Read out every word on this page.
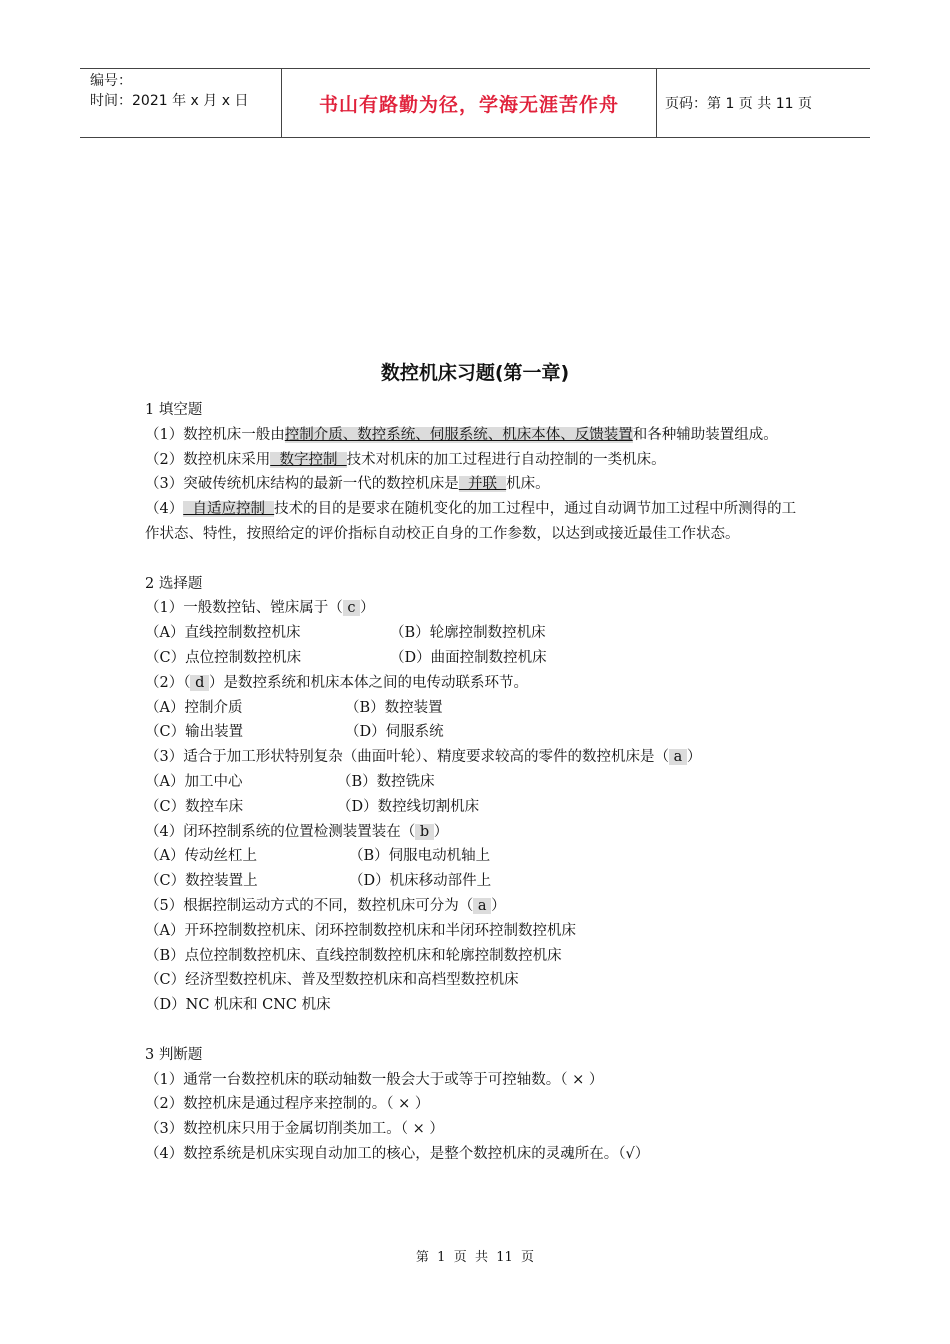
编号：
时间：2021 年 x 月 x 日	书山有路勤为径，学海无涯苦作舟	页码：第 1 页 共 11 页
数控机床习题(第一章)
1 填空题
（1）数控机床一般由控制介质、数控系统、伺服系统、机床本体、反馈装置和各种辅助装置组成。
（2）数控机床采用  数字控制  技术对机床的加工过程进行自动控制的一类机床。
（3）突破传统机床结构的最新一代的数控机床是  并联  机床。
（4）  自适应控制  技术的目的是要求在随机变化的加工过程中，通过自动调节加工过程中所测得的工作状态、特性，按照给定的评价指标自动校正自身的工作参数，以达到或接近最佳工作状态。
2 选择题
（1）一般数控钻、镗床属于（ c ）
（A）直线控制数控机床	（B）轮廓控制数控机床
（C）点位控制数控机床	（D）曲面控制数控机床
（2）（ d ）是数控系统和机床本体之间的电传动联系环节。
（A）控制介质	（B）数控装置
（C）输出装置	（D）伺服系统
（3）适合于加工形状特别复杂（曲面叶轮）、精度要求较高的零件的数控机床是（ a ）
（A）加工中心	（B）数控铣床
（C）数控车床	（D）数控线切割机床
（4）闭环控制系统的位置检测装置装在（ b ）
（A）传动丝杠上	（B）伺服电动机轴上
（C）数控装置上	（D）机床移动部件上
（5）根据控制运动方式的不同，数控机床可分为（ a ）
（A）开环控制数控机床、闭环控制数控机床和半闭环控制数控机床
（B）点位控制数控机床、直线控制数控机床和轮廓控制数控机床
（C）经济型数控机床、普及型数控机床和高档型数控机床
（D）NC 机床和 CNC 机床
3 判断题
（1）通常一台数控机床的联动轴数一般会大于或等于可控轴数。（ × ）
（2）数控机床是通过程序来控制的。（ × ）
（3）数控机床只用于金属切削类加工。（ × ）
（4）数控系统是机床实现自动加工的核心，是整个数控机床的灵魂所在。（√）
第  1  页  共  11  页
